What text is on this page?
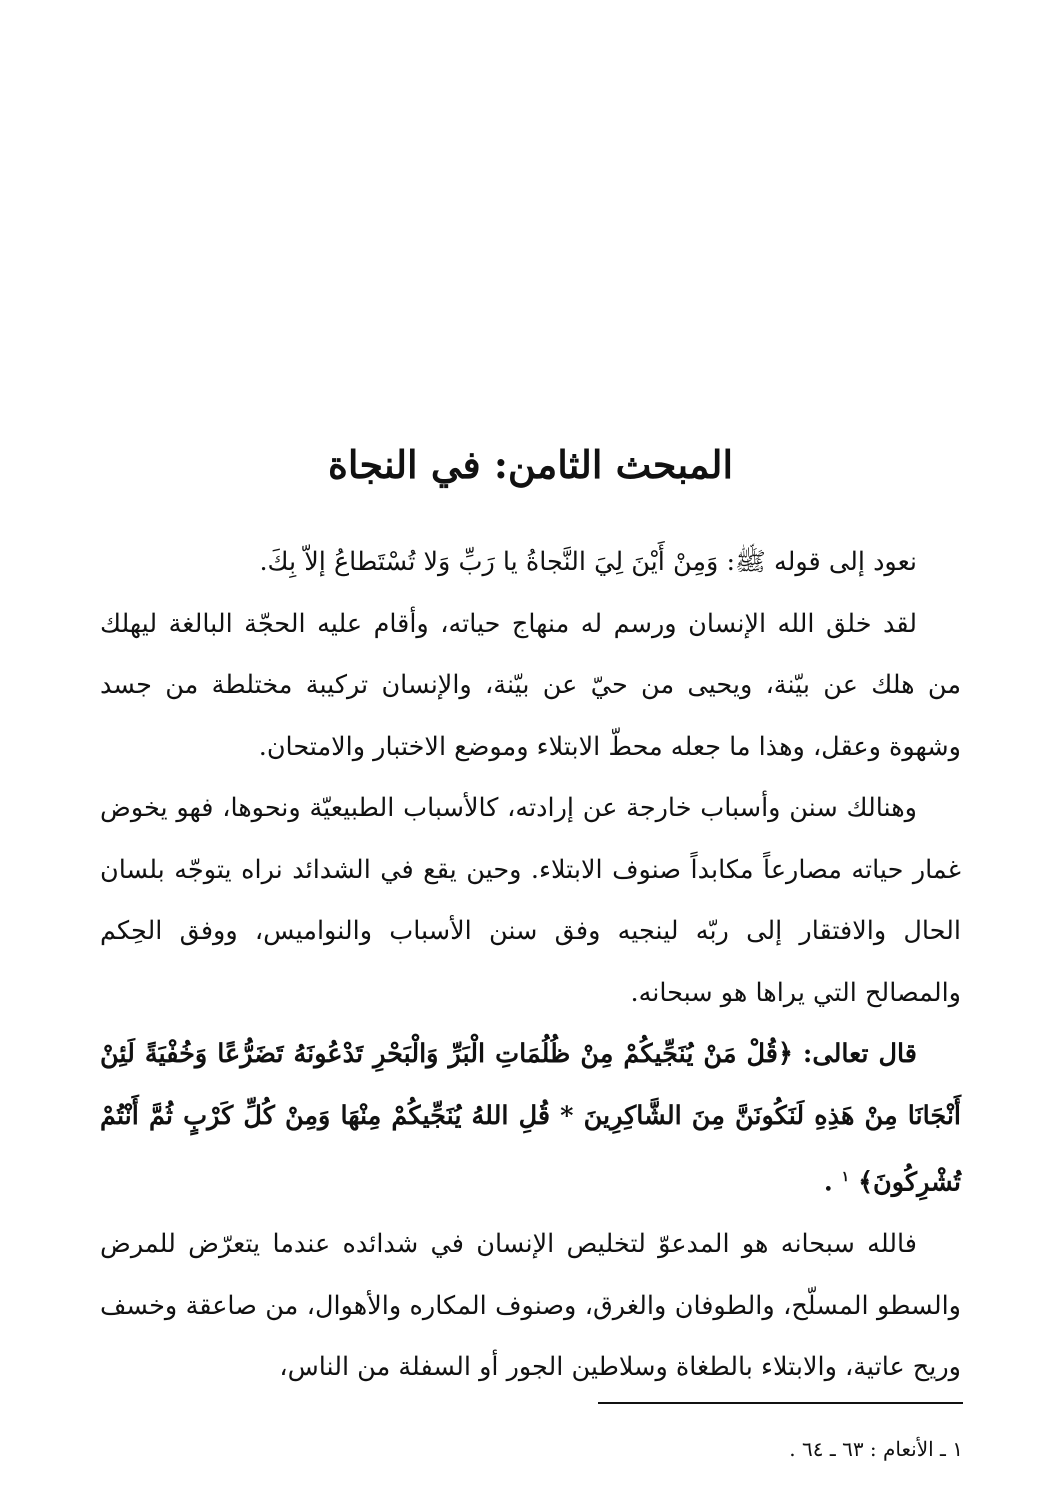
المبحث الثامن: في النجاة

نعود إلى قوله ﷺ: وَمِنْ أَيْنَ لِيَ النَّجاةُ يا رَبِّ وَلا تُسْتَطاعُ إلاّ بِكَ.

لقد خلق الله الإنسان ورسم له منهاج حياته، وأقام عليه الحجّة البالغة ليهلك من هلك عن بيّنة، ويحيى من حيّ عن بيّنة، والإنسان تركيبة مختلطة من جسد وشهوة وعقل، وهذا ما جعله محطّ الابتلاء وموضع الاختبار والامتحان.

وهنالك سنن وأسباب خارجة عن إرادته، كالأسباب الطبيعيّة ونحوها، فهو يخوض غمار حياته مصارعاً مكابداً صنوف الابتلاء. وحين يقع في الشدائد نراه يتوجّه بلسان الحال والافتقار إلى ربّه لينجيه وفق سنن الأسباب والنواميس، ووفق الحِكم والمصالح التي يراها هو سبحانه.

قال تعالى: ﴿قُلْ مَنْ يُنَجِّيكُمْ مِنْ ظُلُمَاتِ الْبَرِّ وَالْبَحْرِ تَدْعُونَهُ تَضَرُّعًا وَخُفْيَةً لَئِنْ أَنْجَانَا مِنْ هَذِهِ لَنَكُونَنَّ مِنَ الشَّاكِرِينَ * قُلِ اللهُ يُنَجِّيكُمْ مِنْهَا وَمِنْ كُلِّ كَرْبٍ ثُمَّ أَنْتُمْ تُشْرِكُونَ﴾ $^١$ .

فالله سبحانه هو المدعوّ لتخليص الإنسان في شدائده عندما يتعرّض للمرض والسطو المسلّح، والطوفان والغرق، وصنوف المكاره والأهوال، من صاعقة وخسف وريح عاتية، والابتلاء بالطغاة وسلاطين الجور أو السفلة من الناس،

١ ـ الأنعام : ٦٣ ـ ٦٤ .
